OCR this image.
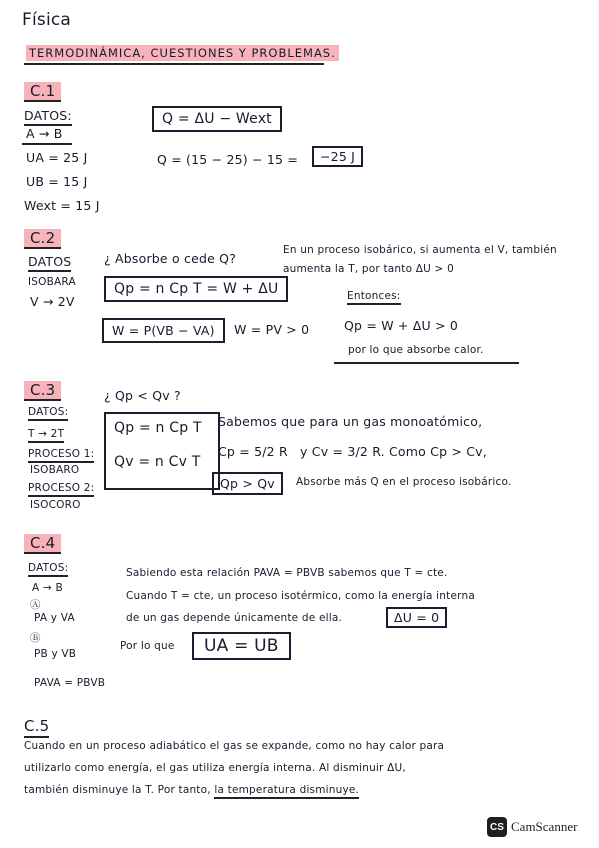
Física
TERMODINÁMICA, CUESTIONES Y PROBLEMAS.
C.1
DATOS:
A → B
UA = 25 J
UB = 15 J
Wext = 15 J
Q = ΔU − Wext
Q = (15 − 25) − 15 =	−25 J
C.2
DATOS
ISOBARA
V → 2V
¿ Absorbe o cede Q?
Qp = n Cp T = W + ΔU
W = P(VB − VA)	W = PV > 0
En un proceso isobárico, si aumenta el V, también
aumenta la T, por tanto ΔU > 0
Entonces:
Qp = W + ΔU > 0
por lo que absorbe calor.
C.3	¿ Qp < Qv ?
DATOS:
T → 2T
PROCESO 1:
ISOBARO
PROCESO 2:
ISOCORO
Qp = n Cp T
Qv = n Cv T
Sabemos que para un gas monoatómico,
Cp = 5/2 R y Cv = 3/2 R. Como Cp > Cv,
Qp > Qv	Absorbe más Q en el proceso isobárico.
C.4
DATOS:
A → B
Ⓐ
PA y VA
Ⓑ
PB y VB
PAVA = PBVB
Sabiendo esta relación PAVA = PBVB sabemos que T = cte.
Cuando T = cte, un proceso isotérmico, como la energía interna
de un gas depende únicamente de ella.	ΔU = 0
Por lo que	UA = UB
C.5
Cuando en un proceso adiabático el gas se expande, como no hay calor para
utilizarlo como energía, el gas utiliza energía interna. Al disminuir ΔU,
también disminuye la T. Por tanto, la temperatura disminuye.
CS CamScanner
